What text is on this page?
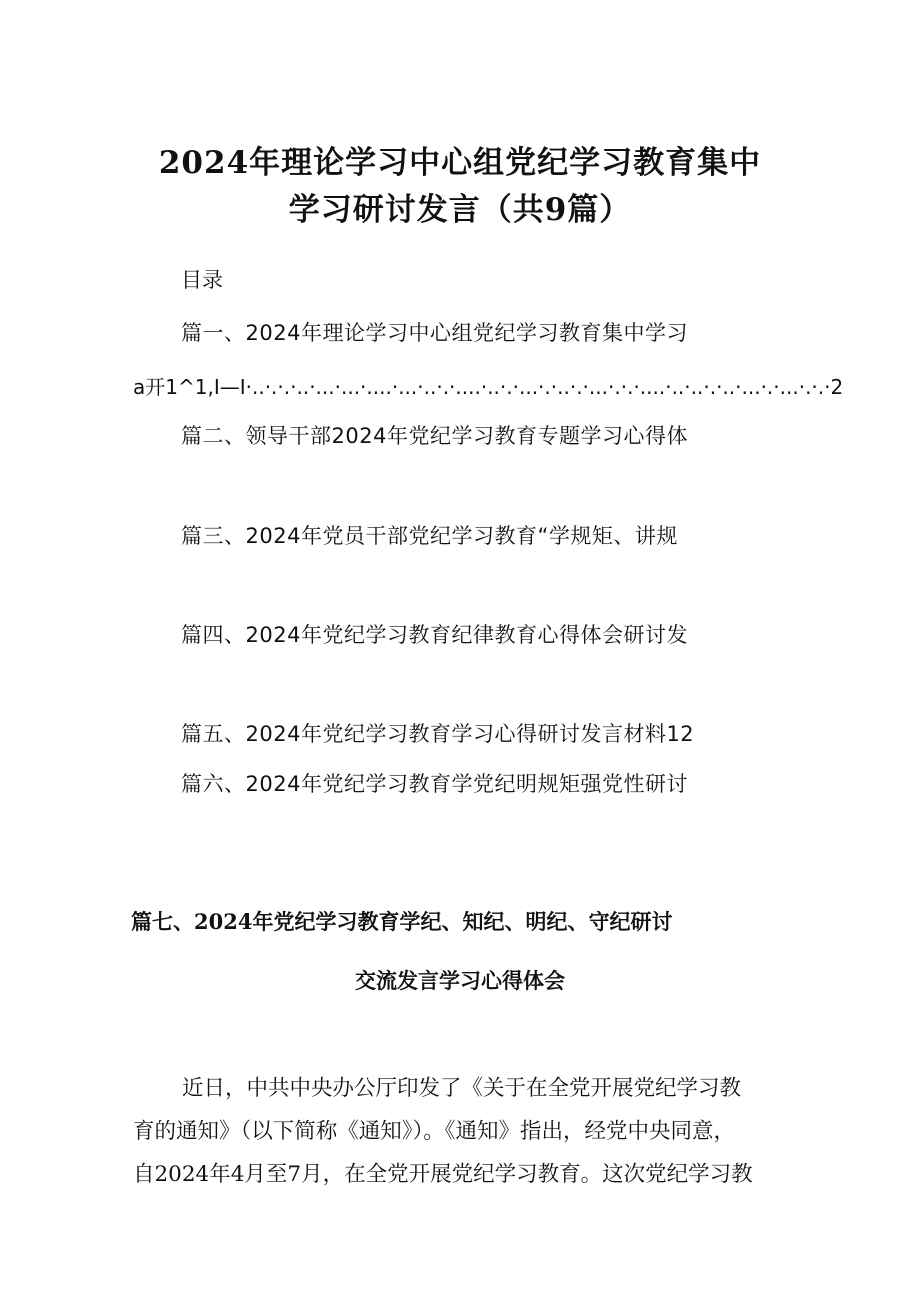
2024年理论学习中心组党纪学习教育集中
学习研讨发言（共9篇）
目录
篇一、2024年理论学习中心组党纪学习教育集中学习
a开1^1,I—I·..·.·.·..·...·...·....·...·..·.·....·..·.·...·.·..·.·...·.·.·....·..·..·.·..·...·.·...·.·.·2
篇二、领导干部2024年党纪学习教育专题学习心得体
篇三、2024年党员干部党纪学习教育“学规矩、讲规
篇四、2024年党纪学习教育纪律教育心得体会研讨发
篇五、2024年党纪学习教育学习心得研讨发言材料12
篇六、2024年党纪学习教育学党纪明规矩强党性研讨
篇七、2024年党纪学习教育学纪、知纪、明纪、守纪研讨
交流发言学习心得体会
近日，中共中央办公厅印发了《关于在全党开展党纪学习教
育的通知》（以下简称《通知》）。《通知》指出，经党中央同意，
自2024年4月至7月，在全党开展党纪学习教育。这次党纪学习教
